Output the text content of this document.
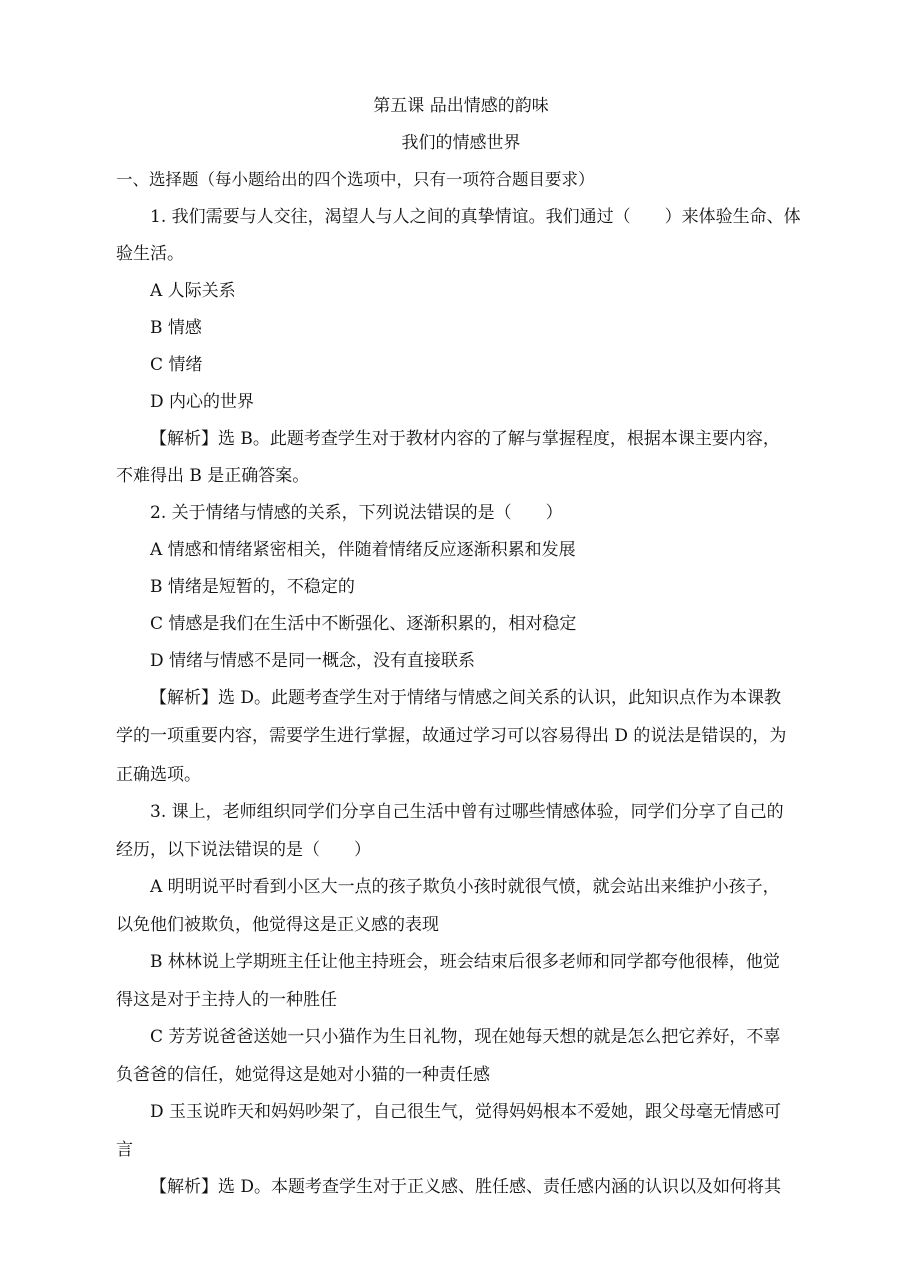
第五课 品出情感的韵味
我们的情感世界
一、选择题（每小题给出的四个选项中，只有一项符合题目要求）
1. 我们需要与人交往，渴望人与人之间的真挚情谊。我们通过（　　）来体验生命、体
验生活。
A 人际关系
B 情感
C 情绪
D 内心的世界
【解析】选 B。此题考查学生对于教材内容的了解与掌握程度，根据本课主要内容，
不难得出 B 是正确答案。
2. 关于情绪与情感的关系，下列说法错误的是（　　）
A 情感和情绪紧密相关，伴随着情绪反应逐渐积累和发展
B 情绪是短暂的，不稳定的
C 情感是我们在生活中不断强化、逐渐积累的，相对稳定
D 情绪与情感不是同一概念，没有直接联系
【解析】选 D。此题考查学生对于情绪与情感之间关系的认识，此知识点作为本课教
学的一项重要内容，需要学生进行掌握，故通过学习可以容易得出 D 的说法是错误的，为
正确选项。
3. 课上，老师组织同学们分享自己生活中曾有过哪些情感体验，同学们分享了自己的
经历，以下说法错误的是（　　）
A 明明说平时看到小区大一点的孩子欺负小孩时就很气愤，就会站出来维护小孩子，
以免他们被欺负，他觉得这是正义感的表现
B 林林说上学期班主任让他主持班会，班会结束后很多老师和同学都夸他很棒，他觉
得这是对于主持人的一种胜任
C 芳芳说爸爸送她一只小猫作为生日礼物，现在她每天想的就是怎么把它养好，不辜
负爸爸的信任，她觉得这是她对小猫的一种责任感
D 玉玉说昨天和妈妈吵架了，自己很生气，觉得妈妈根本不爱她，跟父母毫无情感可
言
【解析】选 D。本题考查学生对于正义感、胜任感、责任感内涵的认识以及如何将其
